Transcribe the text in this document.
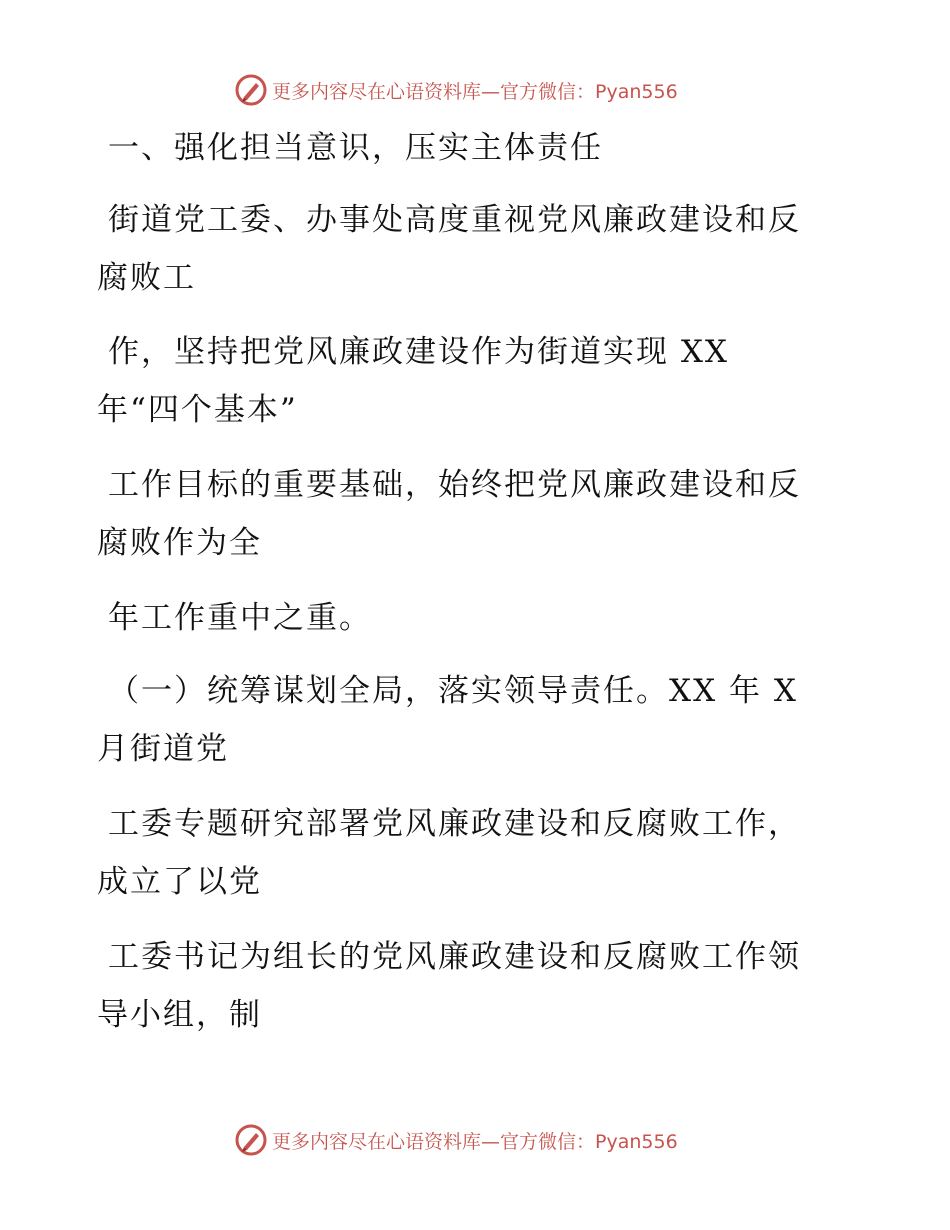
更多内容尽在心语资料库—官方微信：Pyan556
一、强化担当意识，压实主体责任
街道党工委、办事处高度重视党风廉政建设和反
腐败工
作，坚持把党风廉政建设作为街道实现 XX
年“四个基本”
工作目标的重要基础，始终把党风廉政建设和反
腐败作为全
年工作重中之重。
（一）统筹谋划全局，落实领导责任。XX 年 X
月街道党
工委专题研究部署党风廉政建设和反腐败工作，
成立了以党
工委书记为组长的党风廉政建设和反腐败工作领
导小组，制
更多内容尽在心语资料库—官方微信：Pyan556
